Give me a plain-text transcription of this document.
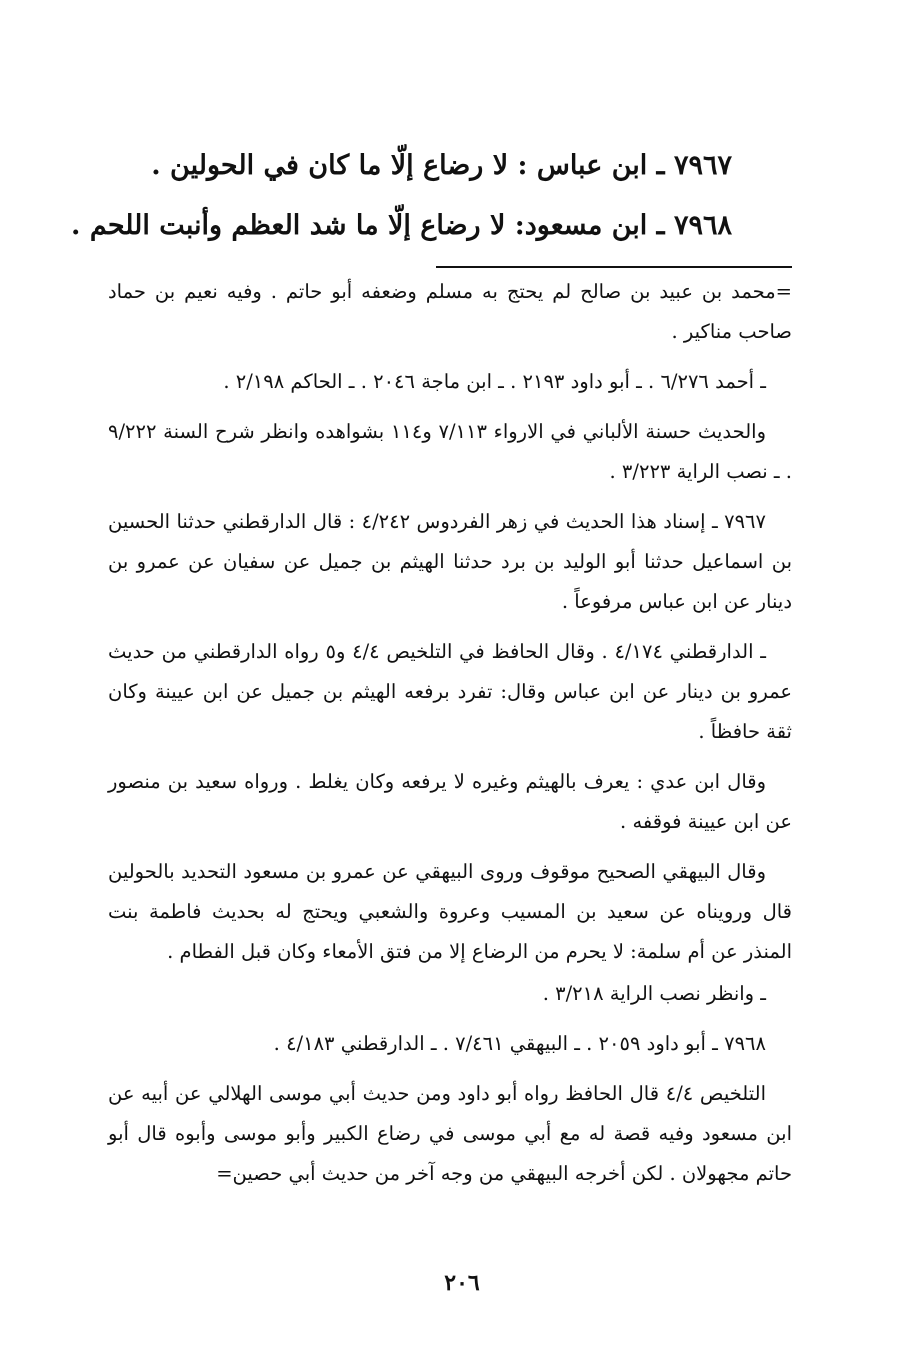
٧٩٦٧ ـ ابن عباس : لا رضاع إلّا ما كان في الحولين .
٧٩٦٨ ـ ابن مسعود: لا رضاع إلّا ما شد العظم وأنبت اللحم .

=محمد بن عبيد بن صالح لم يحتج به مسلم وضعفه أبو حاتم . وفيه نعيم بن حماد صاحب مناكير .

ـ أحمد ٦/٢٧٦ . ـ أبو داود ٢١٩٣ . ـ ابن ماجة ٢٠٤٦ . ـ الحاكم ٢/١٩٨ .

والحديث حسنة الألباني في الارواء ٧/١١٣ و١١٤ بشواهده وانظر شرح السنة ٩/٢٢٢ . ـ نصب الراية ٣/٢٢٣ .

٧٩٦٧ ـ إسناد هذا الحديث في زهر الفردوس ٤/٢٤٢ : قال الدارقطني حدثنا الحسين بن اسماعيل حدثنا أبو الوليد بن برد حدثنا الهيثم بن جميل عن سفيان عن عمرو بن دينار عن ابن عباس مرفوعاً .

ـ الدارقطني ٤/١٧٤ . وقال الحافظ في التلخيص ٤/٤ و٥ رواه الدارقطني من حديث عمرو بن دينار عن ابن عباس وقال: تفرد برفعه الهيثم بن جميل عن ابن عيينة وكان ثقة حافظاً .

وقال ابن عدي : يعرف بالهيثم وغيره لا يرفعه وكان يغلط . ورواه سعيد بن منصور عن ابن عيينة فوقفه .

وقال البيهقي الصحيح موقوف وروى البيهقي عن عمرو بن مسعود التحديد بالحولين قال ورويناه عن سعيد بن المسيب وعروة والشعبي ويحتج له بحديث فاطمة بنت المنذر عن أم سلمة: لا يحرم من الرضاع إلا من فتق الأمعاء وكان قبل الفطام .

ـ وانظر نصب الراية ٣/٢١٨ .

٧٩٦٨ ـ أبو داود ٢٠٥٩ . ـ البيهقي ٧/٤٦١ . ـ الدارقطني ٤/١٨٣ .

التلخيص ٤/٤ قال الحافظ رواه أبو داود ومن حديث أبي موسى الهلالي عن أبيه عن ابن مسعود وفيه قصة له مع أبي موسى في رضاع الكبير وأبو موسى وأبوه قال أبو حاتم مجهولان . لكن أخرجه البيهقي من وجه آخر من حديث أبي حصين=

٢٠٦
